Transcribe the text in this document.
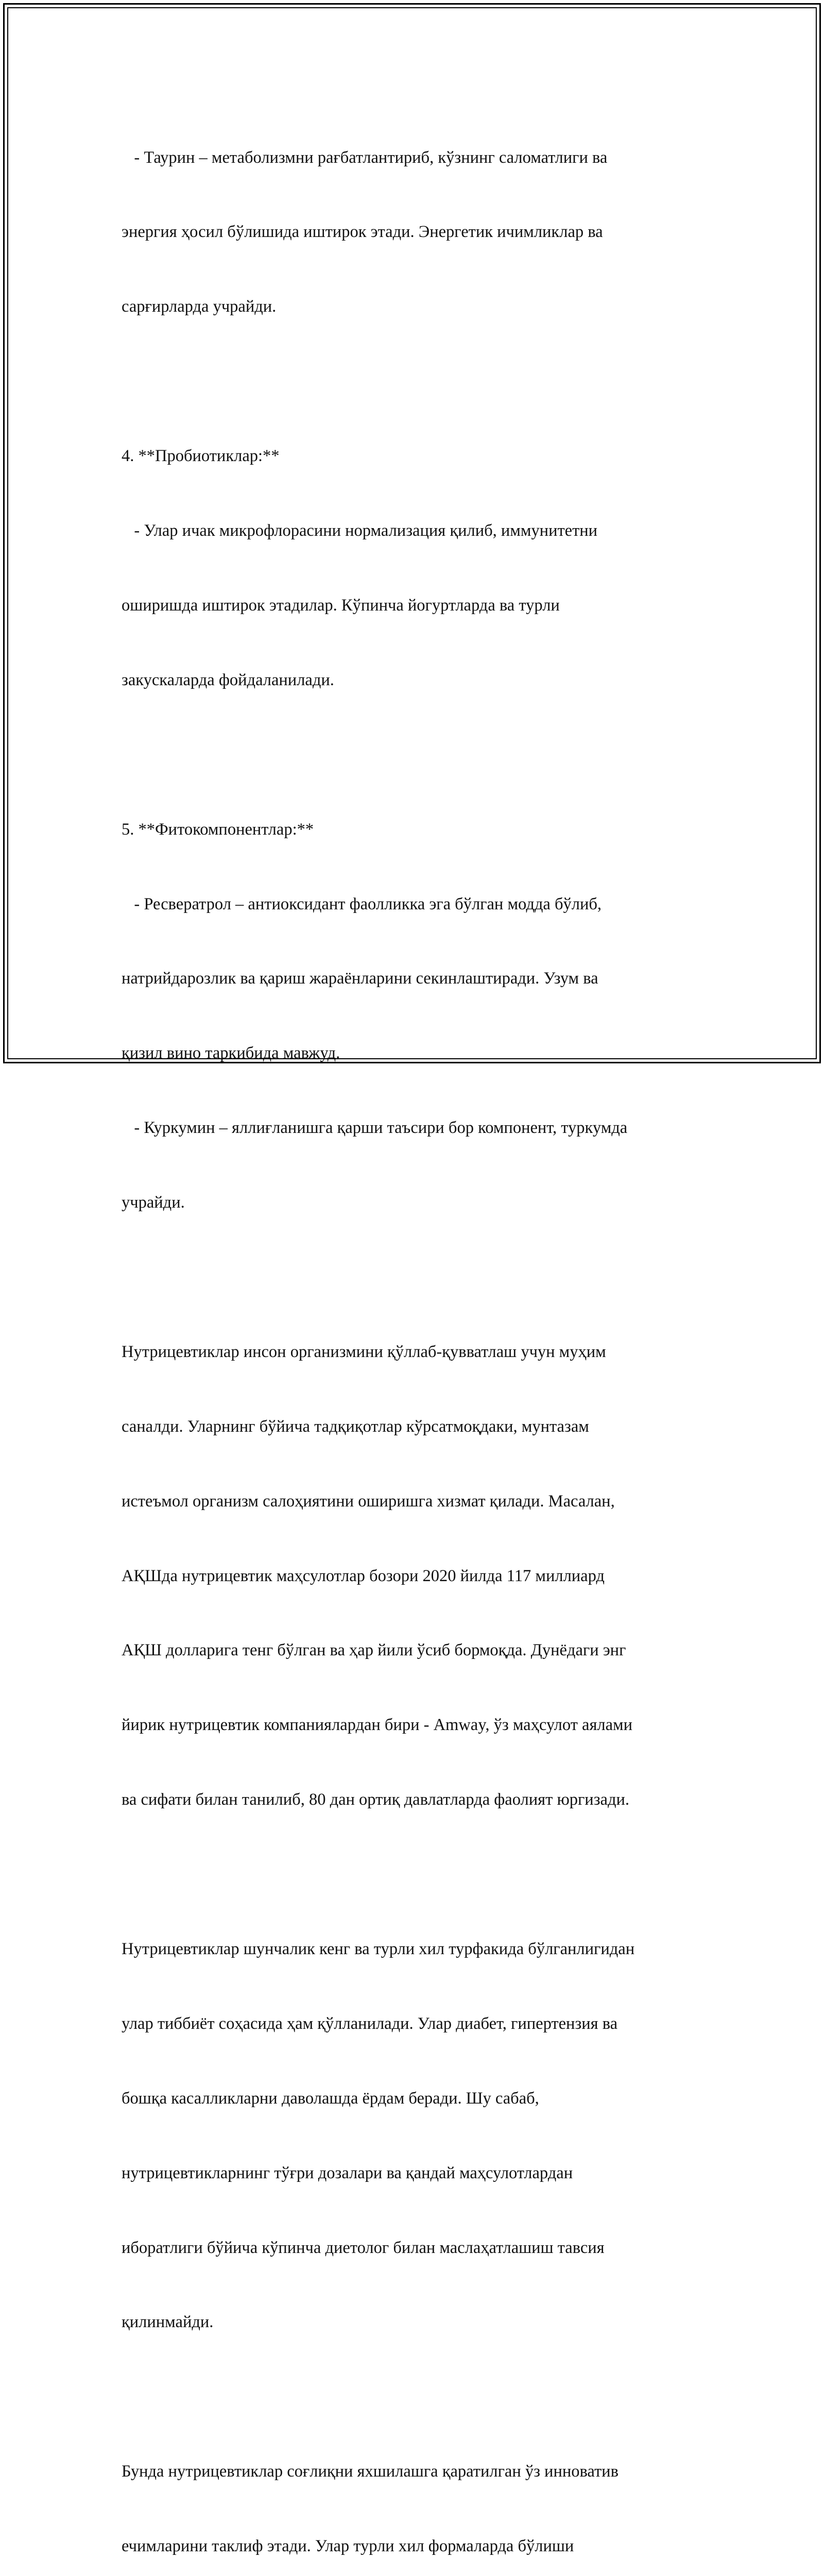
- Таурин – метаболизмни рағбатлантириб, кўзнинг саломатлиги ва

энергия ҳосил бўлишида иштирок этади. Энергетик ичимликлар ва

сарғирларда учрайди.

4. **Пробиотиклар:**

- Улар ичак микрофлорасини нормализация қилиб, иммунитетни

оширишда иштирок этадилар. Кўпинча йогуртларда ва турли

закускаларда фойдаланилади.

5. **Фитокомпонентлар:**

- Ресвератрол – антиоксидант фаолликка эга бўлган модда бўлиб,

натрийдарозлик ва қариш жараёнларини секинлаштиради. Узум ва

қизил вино таркибида мавжуд.

- Куркумин – яллиғланишга қарши таъсири бор компонент, туркумда

учрайди.

Нутрицевтиклар инсон организмини қўллаб-қувватлаш учун муҳим

саналди. Уларнинг бўйича тадқиқотлар кўрсатмоқдаки, мунтазам

истеъмол организм салоҳиятини оширишга хизмат қилади. Масалан,

АҚШда нутрицевтик маҳсулотлар бозори 2020 йилда 117 миллиард

АҚШ долларига тенг бўлган ва ҳар йили ўсиб бормоқда. Дунёдаги энг

йирик нутрицевтик компаниялардан бири - Amway, ўз маҳсулот аялами

ва сифати билан танилиб, 80 дан ортиқ давлатларда фаолият юргизади.

Нутрицевтиклар шунчалик кенг ва турли хил турфакида бўлганлигидан

улар тиббиёт соҳасида ҳам қўлланилади. Улар диабет, гипертензия ва

бошқа касалликларни даволашда ёрдам беради. Шу сабаб,

нутрицевтикларнинг тўғри дозалари ва қандай маҳсулотлардан

иборатлиги бўйича кўпинча диетолог билан маслаҳатлашиш тавсия

қилинмайди.

Бунда нутрицевтиклар соғлиқни яхшилашга қаратилган ўз инноватив

ечимларини таклиф этади. Улар турли хил формаларда бўлиши
